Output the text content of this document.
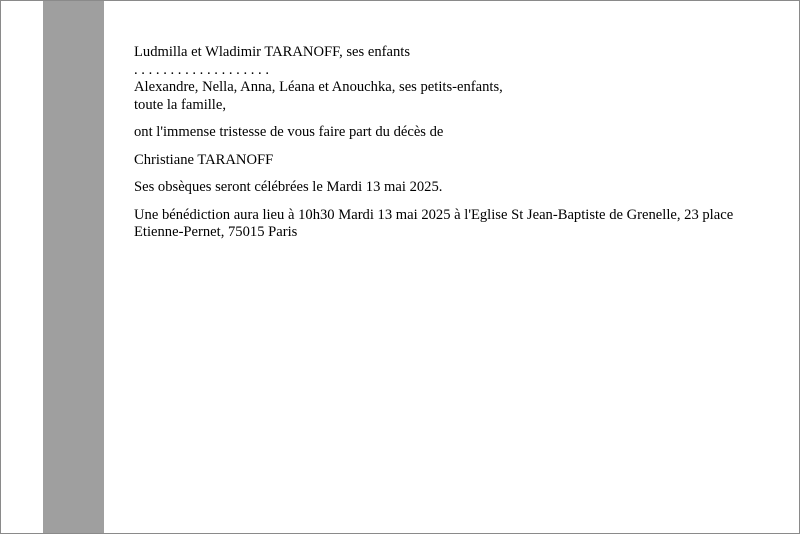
Ludmilla et Wladimir TARANOFF, ses enfants

. . . . . . . . . . . . . . . . . . .

Alexandre, Nella, Anna, Léana et Anouchka, ses petits-enfants,

toute la famille,

ont l'immense tristesse de vous faire part du décès de

Christiane TARANOFF

Ses obsèques seront célébrées le Mardi 13 mai 2025.

Une bénédiction aura lieu à 10h30 Mardi 13 mai 2025 à l'Eglise St Jean-Baptiste de Grenelle, 23 place

Etienne-Pernet, 75015 Paris
